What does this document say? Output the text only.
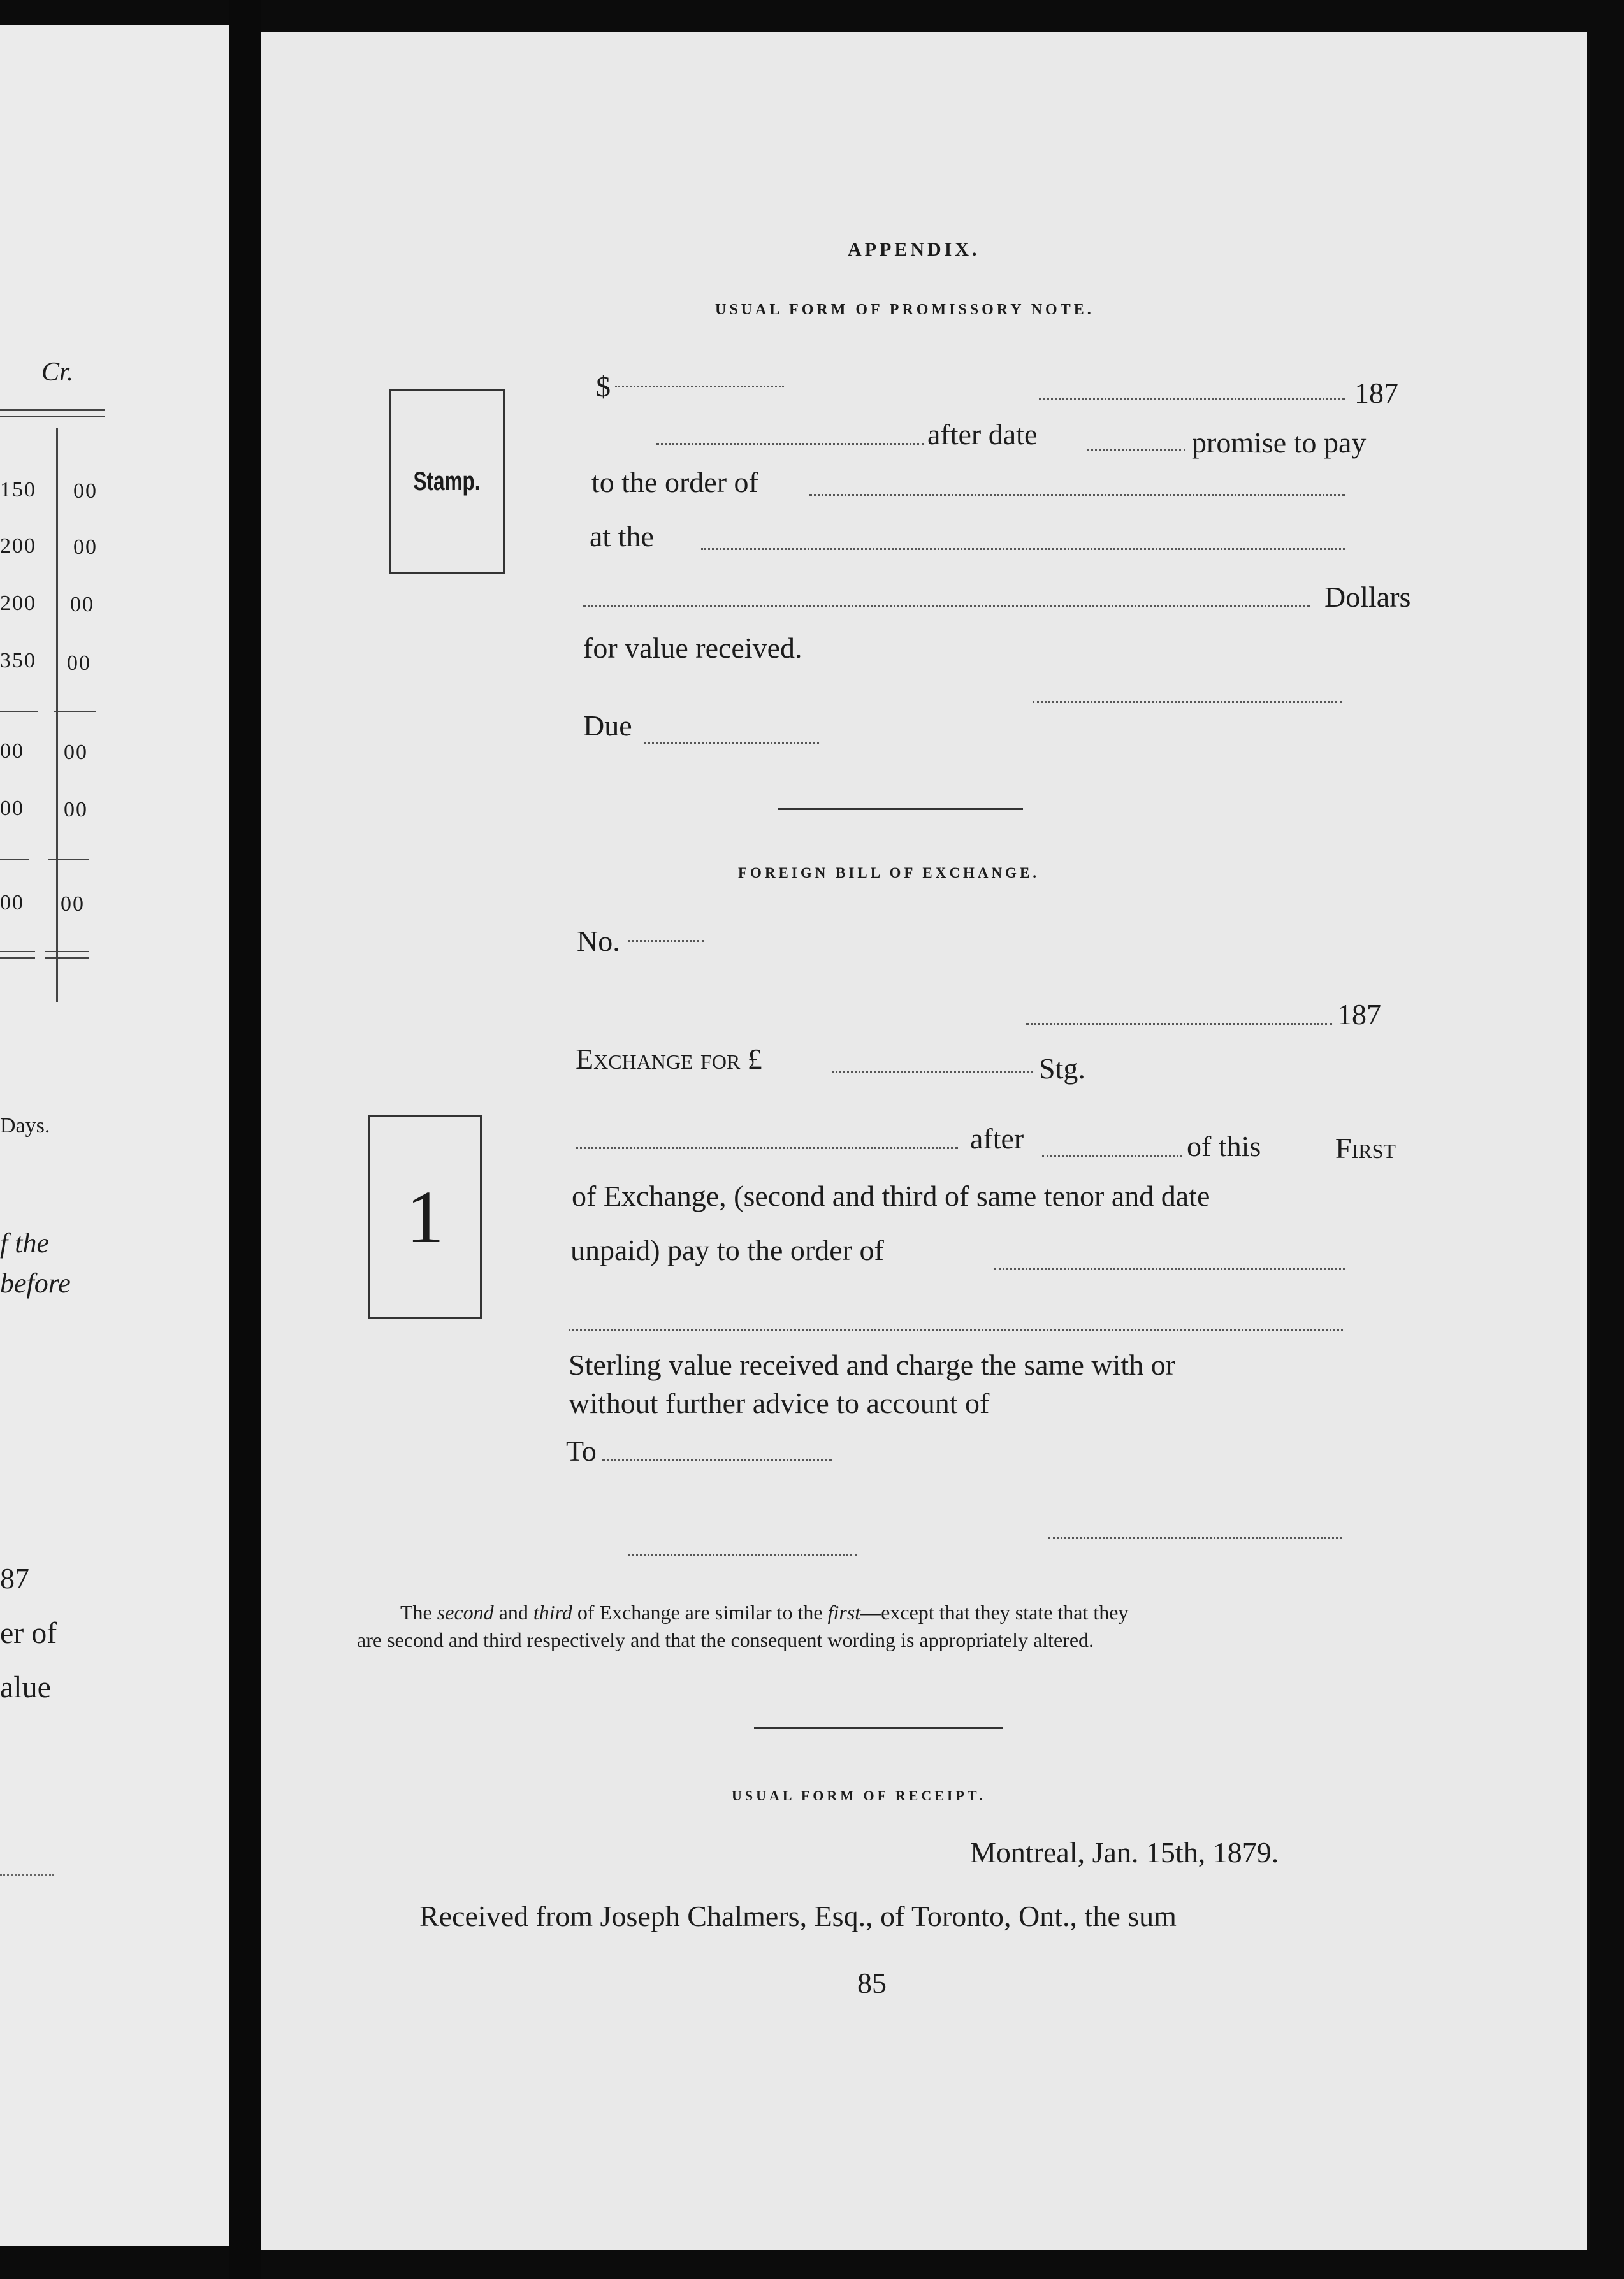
Cr.
150 00
200 00
200 00
350 00
00 00
00 00
00 00
Days.
f the
before
87
er of
alue
APPENDIX.
USUAL FORM OF PROMISSORY NOTE.
Stamp.
$	187
after date	promise to pay
to the order of
at the
Dollars
for value received.
Due
FOREIGN BILL OF EXCHANGE.
No.
187
Exchange for £	Stg.
1
after	of this	First
of Exchange, (second and third of same tenor and date
unpaid) pay to the order of
Sterling value received and charge the same with or
without further advice to account of
To
The second and third of Exchange are similar to the first—except that they state that they
are second and third respectively and that the consequent wording is appropriately altered.
USUAL FORM OF RECEIPT.
Montreal, Jan. 15th, 1879.
Received from Joseph Chalmers, Esq., of Toronto, Ont., the sum
85
